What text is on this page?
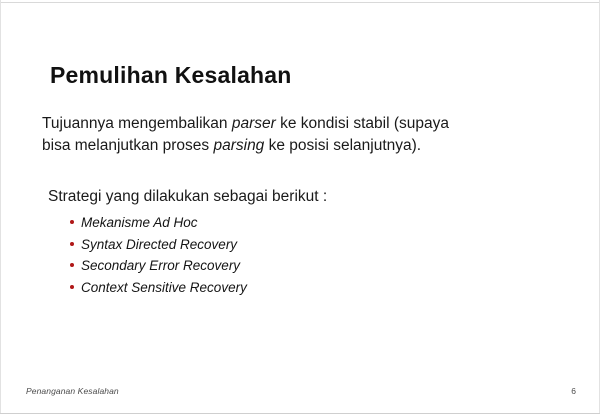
Pemulihan Kesalahan
Tujuannya mengembalikan parser ke kondisi stabil (supaya
bisa melanjutkan proses parsing ke posisi selanjutnya).
Strategi yang dilakukan sebagai berikut :
Mekanisme Ad Hoc
Syntax Directed Recovery
Secondary Error Recovery
Context Sensitive Recovery
Penanganan Kesalahan	6
